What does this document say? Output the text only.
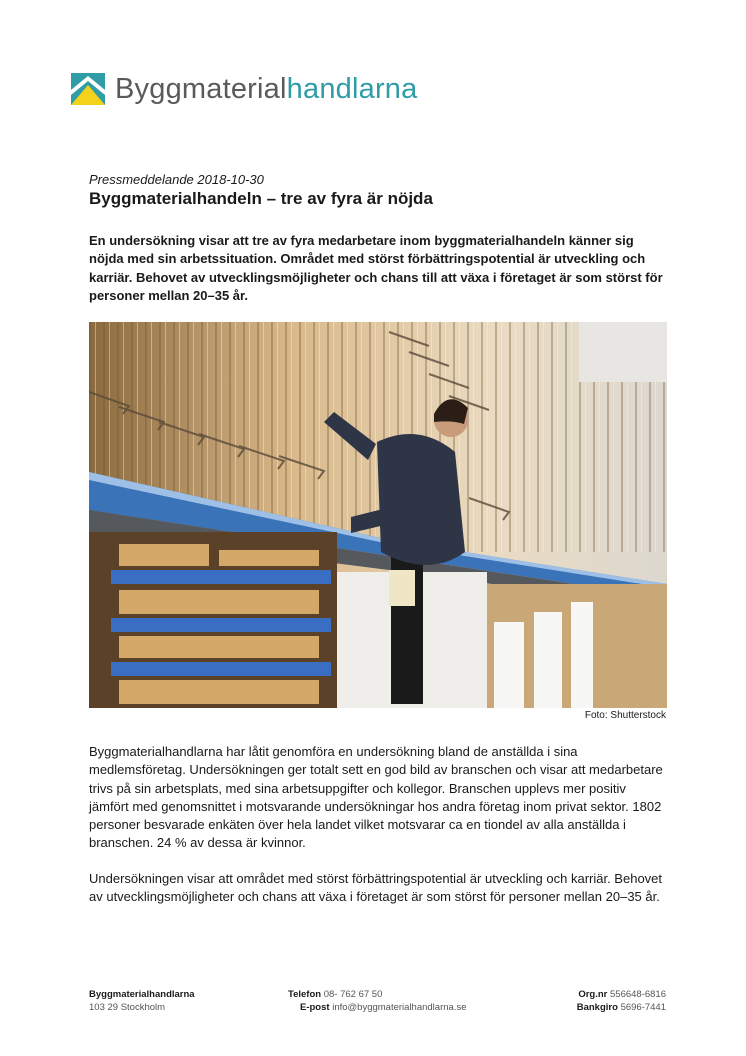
Byggmaterialhandlarna
Pressmeddelande 2018-10-30
Byggmaterialhandeln – tre av fyra är nöjda
En undersökning visar att tre av fyra medarbetare inom byggmaterialhandeln känner sig nöjda med sin arbetssituation. Området med störst förbättringspotential är utveckling och karriär. Behovet av utvecklingsmöjligheter och chans till att växa i företaget är som störst för personer mellan 20–35 år.
Foto: Shutterstock
Byggmaterialhandlarna har låtit genomföra en undersökning bland de anställda i sina medlemsföretag. Undersökningen ger totalt sett en god bild av branschen och visar att medarbetare trivs på sin arbetsplats, med sina arbetsuppgifter och kollegor. Branschen upplevs mer positiv jämfört med genomsnittet i motsvarande undersökningar hos andra företag inom privat sektor. 1802 personer besvarade enkäten över hela landet vilket motsvarar ca en tiondel av alla anställda i branschen. 24 % av dessa är kvinnor.
Undersökningen visar att området med störst förbättringspotential är utveckling och karriär. Behovet av utvecklingsmöjligheter och chans att växa i företaget är som störst för personer mellan 20–35 år.
Byggmaterialhandlarna
103 29 Stockholm
Telefon 08- 762 67 50
E-post info@byggmaterialhandlarna.se
Org.nr 556648-6816
Bankgiro 5696-7441
